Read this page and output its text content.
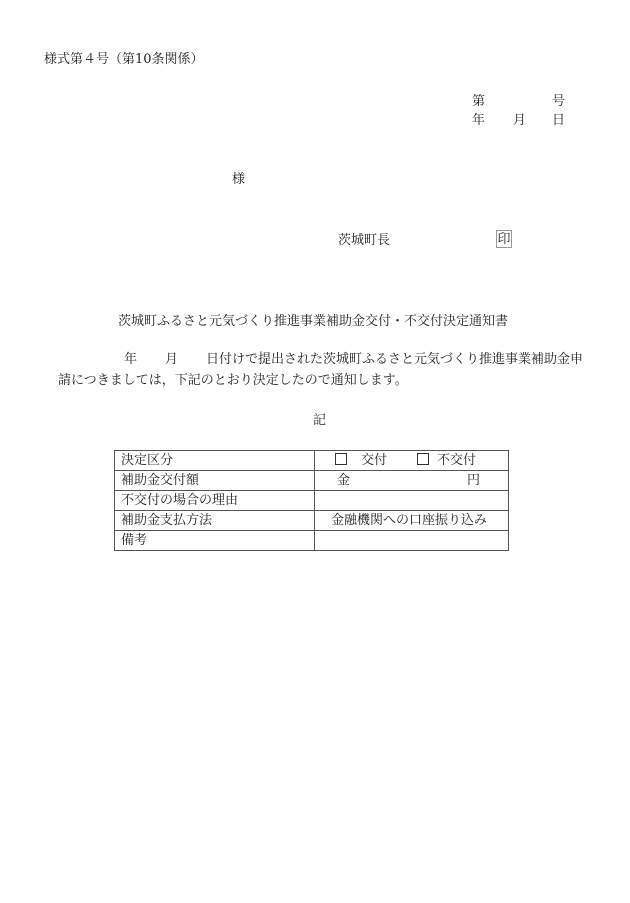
様式第４号（第10条関係）
第	号
年 月 日
様
茨城町長	印
茨城町ふるさと元気づくり推進事業補助金交付・不交付決定通知書
年 月 日付けで提出された茨城町ふるさと元気づくり推進事業補助金申
請につきましては，下記のとおり決定したので通知します。
記
決定区分	交付 不交付
補助金交付額	金 円

不交付の場合の理由	
補助金支払方法	金融機関への口座振り込み
備考	
